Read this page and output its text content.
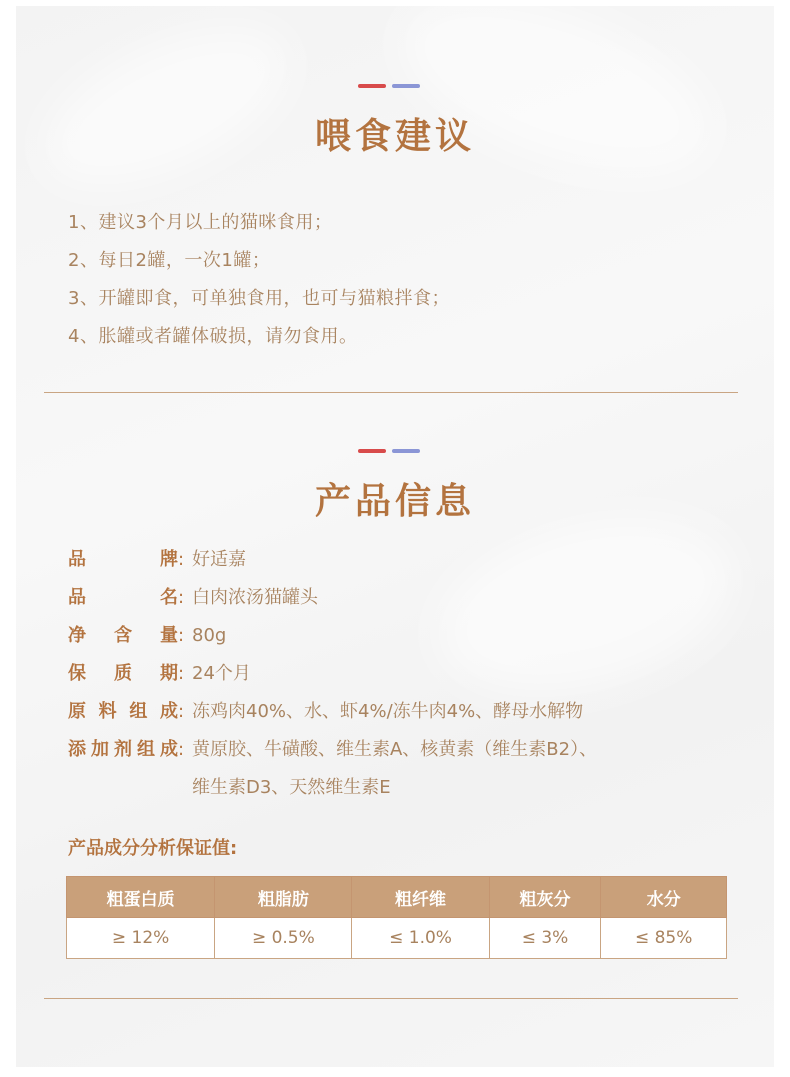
喂食建议
1、建议3个月以上的猫咪食用；
2、每日2罐，一次1罐；
3、开罐即食，可单独食用，也可与猫粮拌食；
4、胀罐或者罐体破损，请勿食用。
产品信息
品牌: 好适嘉
品名: 白肉浓汤猫罐头
净含量: 80g
保质期: 24个月
原料组成: 冻鸡肉40%、水、虾4%/冻牛肉4%、酵母水解物
添加剂组成: 黄原胶、牛磺酸、维生素A、核黄素（维生素B2）、
维生素D3、天然维生素E
产品成分分析保证值:
粗蛋白质	粗脂肪	粗纤维	粗灰分	水分
≥ 12%	≥ 0.5%	≤ 1.0%	≤ 3%	≤ 85%
